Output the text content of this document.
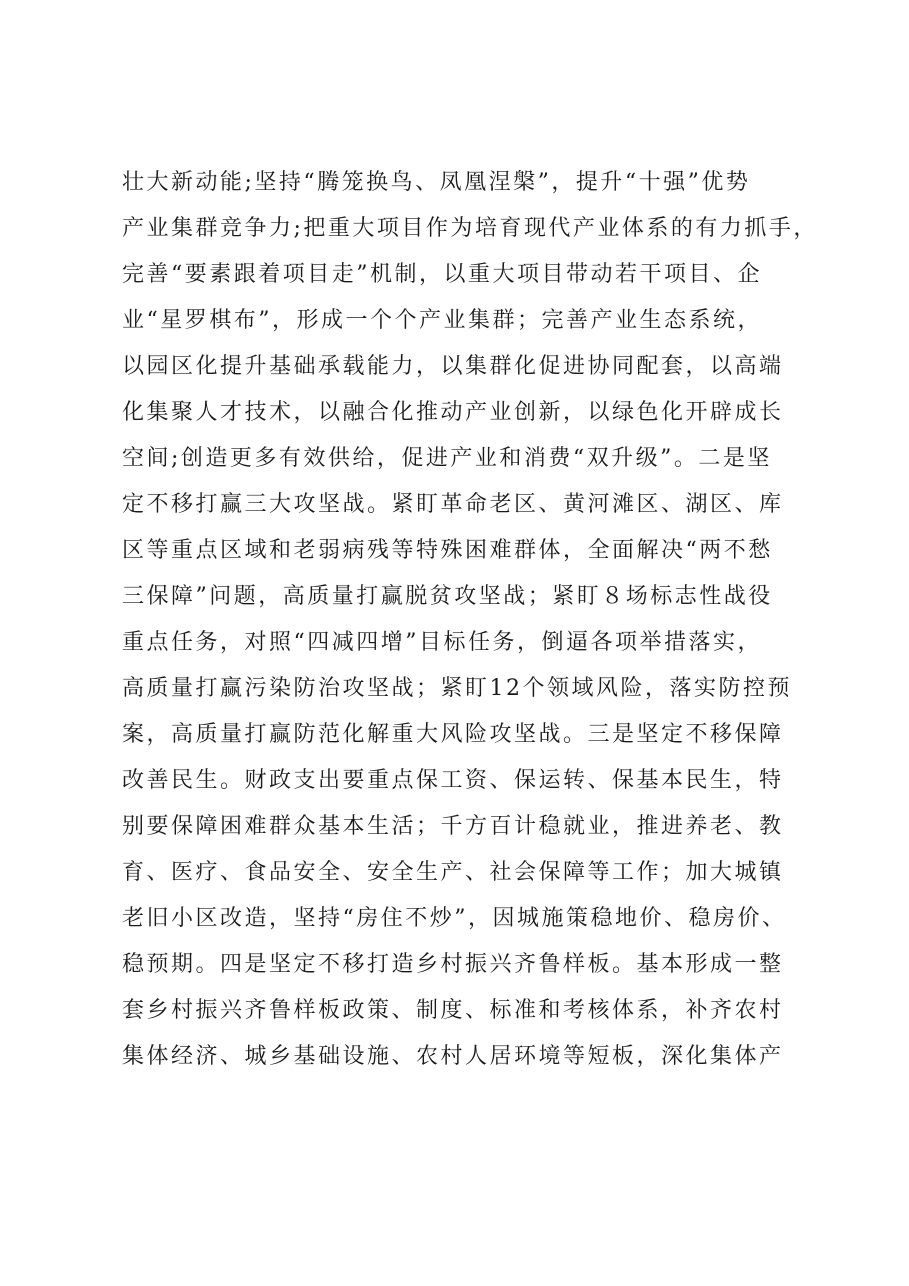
壮大新动能;坚持“腾笼换鸟、凤凰涅槃”，提升“十强”优势
产业集群竞争力;把重大项目作为培育现代产业体系的有力抓手，
完善“要素跟着项目走”机制，以重大项目带动若干项目、企
业“星罗棋布”，形成一个个产业集群；完善产业生态系统，
以园区化提升基础承载能力，以集群化促进协同配套，以高端
化集聚人才技术，以融合化推动产业创新，以绿色化开辟成长
空间;创造更多有效供给，促进产业和消费“双升级”。二是坚
定不移打赢三大攻坚战。紧盯革命老区、黄河滩区、湖区、库
区等重点区域和老弱病残等特殊困难群体，全面解决“两不愁
三保障”问题，高质量打赢脱贫攻坚战；紧盯８场标志性战役
重点任务，对照“四减四增”目标任务，倒逼各项举措落实，
高质量打赢污染防治攻坚战；紧盯12个领域风险，落实防控预
案，高质量打赢防范化解重大风险攻坚战。三是坚定不移保障
改善民生。财政支出要重点保工资、保运转、保基本民生，特
别要保障困难群众基本生活；千方百计稳就业，推进养老、教
育、医疗、食品安全、安全生产、社会保障等工作；加大城镇
老旧小区改造，坚持“房住不炒”，因城施策稳地价、稳房价、
稳预期。四是坚定不移打造乡村振兴齐鲁样板。基本形成一整
套乡村振兴齐鲁样板政策、制度、标准和考核体系，补齐农村
集体经济、城乡基础设施、农村人居环境等短板，深化集体产
